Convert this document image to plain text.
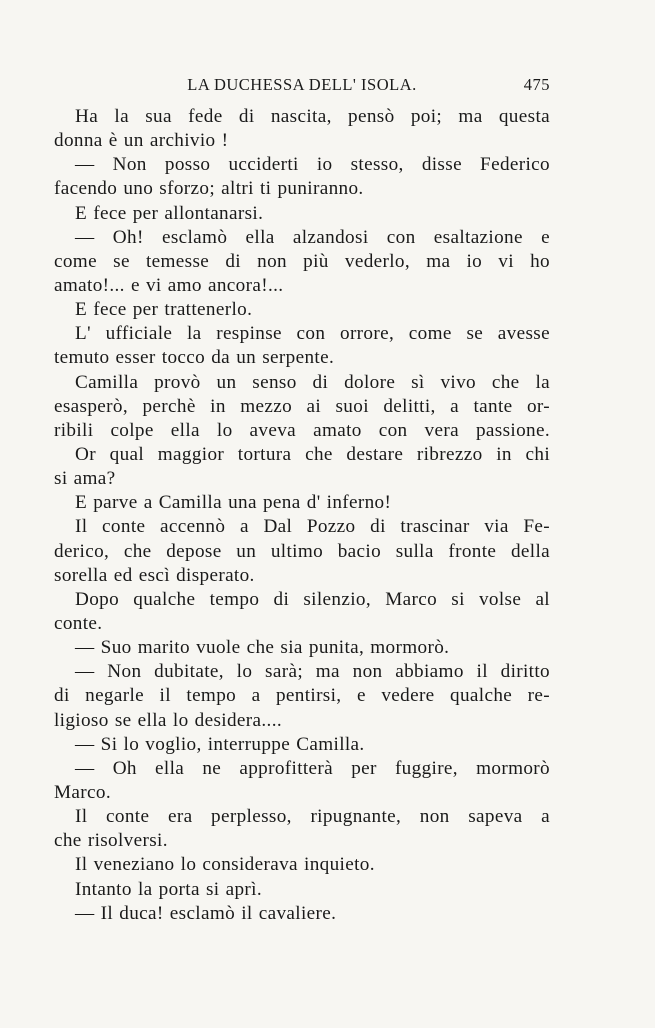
LA DUCHESSA DELL' ISOLA.	475
Ha la sua fede di nascita, pensò poi; ma questa
donna è un archivio !
— Non posso ucciderti io stesso, disse Federico
facendo uno sforzo; altri ti puniranno.
E fece per allontanarsi.
— Oh! esclamò ella alzandosi con esaltazione e
come se temesse di non più vederlo, ma io vi ho
amato!... e vi amo ancora!...
E fece per trattenerlo.
L' ufficiale la respinse con orrore, come se avesse
temuto esser tocco da un serpente.
Camilla provò un senso di dolore sì vivo che la
esasperò, perchè in mezzo ai suoi delitti, a tante or-
ribili colpe ella lo aveva amato con vera passione.
Or qual maggior tortura che destare ribrezzo in chi
si ama?
E parve a Camilla una pena d' inferno!
Il conte accennò a Dal Pozzo di trascinar via Fe-
derico, che depose un ultimo bacio sulla fronte della
sorella ed escì disperato.
Dopo qualche tempo di silenzio, Marco si volse al
conte.
— Suo marito vuole che sia punita, mormorò.
— Non dubitate, lo sarà; ma non abbiamo il diritto
di negarle il tempo a pentirsi, e vedere qualche re-
ligioso se ella lo desidera....
— Si lo voglio, interruppe Camilla.
— Oh ella ne approfitterà per fuggire, mormorò
Marco.
Il conte era perplesso, ripugnante, non sapeva a
che risolversi.
Il veneziano lo considerava inquieto.
Intanto la porta si aprì.
— Il duca! esclamò il cavaliere.
